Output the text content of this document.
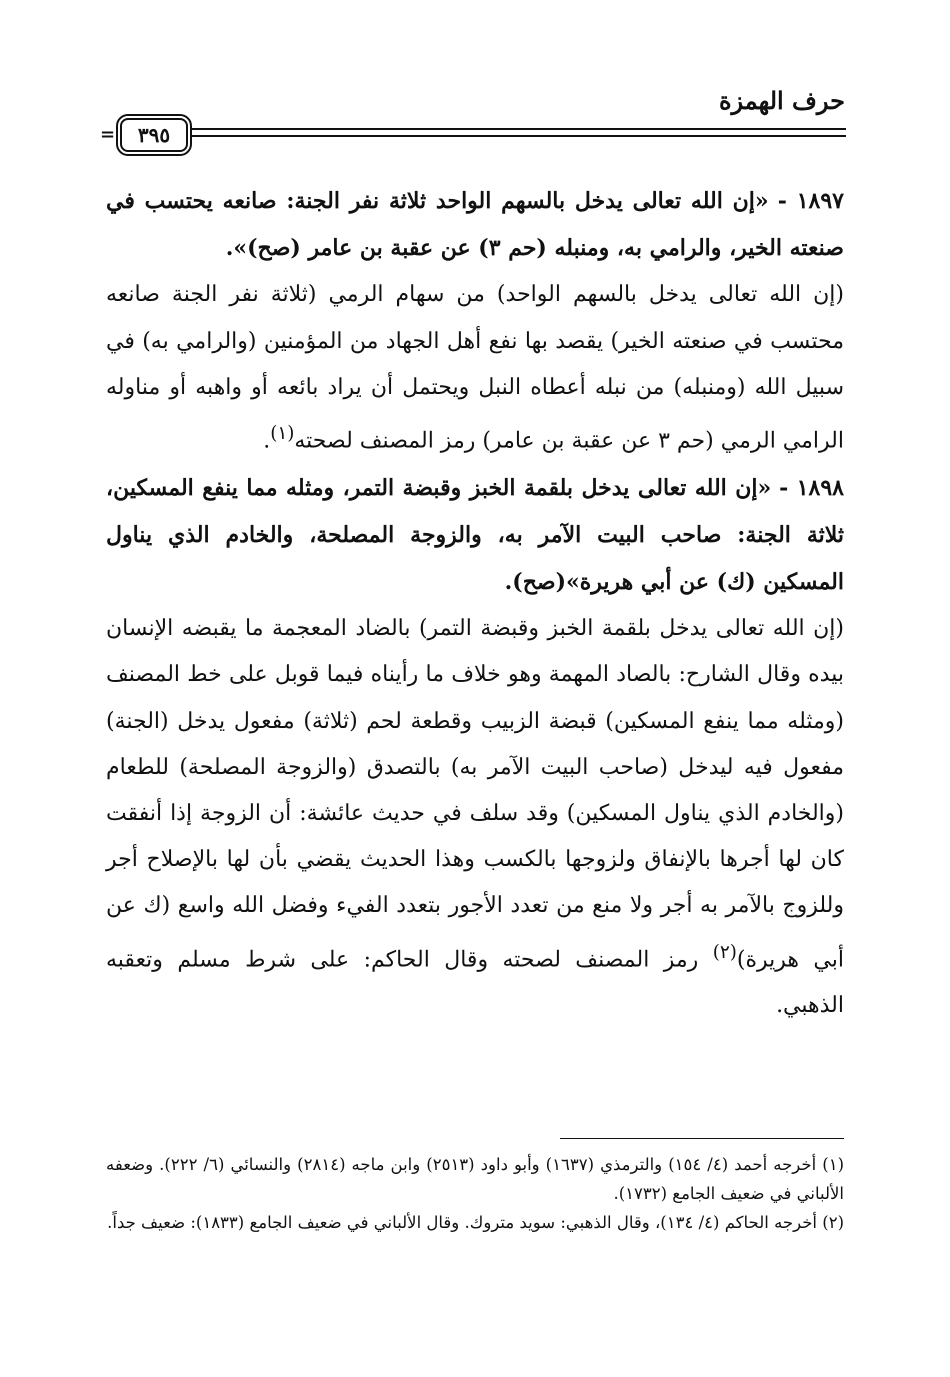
حرف الهمزة
٣٩٥
=

١٨٩٧ - «إن الله تعالى يدخل بالسهم الواحد ثلاثة نفر الجنة: صانعه يحتسب في صنعته الخير، والرامي به، ومنبله (حم ٣) عن عقبة بن عامر (صح)».

(إن الله تعالى يدخل بالسهم الواحد) من سهام الرمي (ثلاثة نفر الجنة صانعه محتسب في صنعته الخير) يقصد بها نفع أهل الجهاد من المؤمنين (والرامي به) في سبيل الله (ومنبله) من نبله أعطاه النبل ويحتمل أن يراد بائعه أو واهبه أو مناوله الرامي الرمي (حم ٣ عن عقبة بن عامر) رمز المصنف لصحته$^{(١)}$.

١٨٩٨ - «إن الله تعالى يدخل بلقمة الخبز وقبضة التمر، ومثله مما ينفع المسكين، ثلاثة الجنة: صاحب البيت الآمر به، والزوجة المصلحة، والخادم الذي يناول المسكين (ك) عن أبي هريرة»(صح).

(إن الله تعالى يدخل بلقمة الخبز وقبضة التمر) بالضاد المعجمة ما يقبضه الإنسان بيده وقال الشارح: بالصاد المهمة وهو خلاف ما رأيناه فيما قوبل على خط المصنف (ومثله مما ينفع المسكين) قبضة الزبيب وقطعة لحم (ثلاثة) مفعول يدخل (الجنة) مفعول فيه ليدخل (صاحب البيت الآمر به) بالتصدق (والزوجة المصلحة) للطعام (والخادم الذي يناول المسكين) وقد سلف في حديث عائشة: أن الزوجة إذا أنفقت كان لها أجرها بالإنفاق ولزوجها بالكسب وهذا الحديث يقضي بأن لها بالإصلاح أجر وللزوج بالآمر به أجر ولا منع من تعدد الأجور بتعدد الفيء وفضل الله واسع (ك عن أبي هريرة)$^{(٢)}$ رمز المصنف لصحته وقال الحاكم: على شرط مسلم وتعقبه الذهبي.

(١) أخرجه أحمد (٤/ ١٥٤) والترمذي (١٦٣٧) وأبو داود (٢٥١٣) وابن ماجه (٢٨١٤) والنسائي (٦/ ٢٢٢). وضعفه الألباني في ضعيف الجامع (١٧٣٢).

(٢) أخرجه الحاكم (٤/ ١٣٤)، وقال الذهبي: سويد متروك. وقال الألباني في ضعيف الجامع (١٨٣٣): ضعيف جداً.
